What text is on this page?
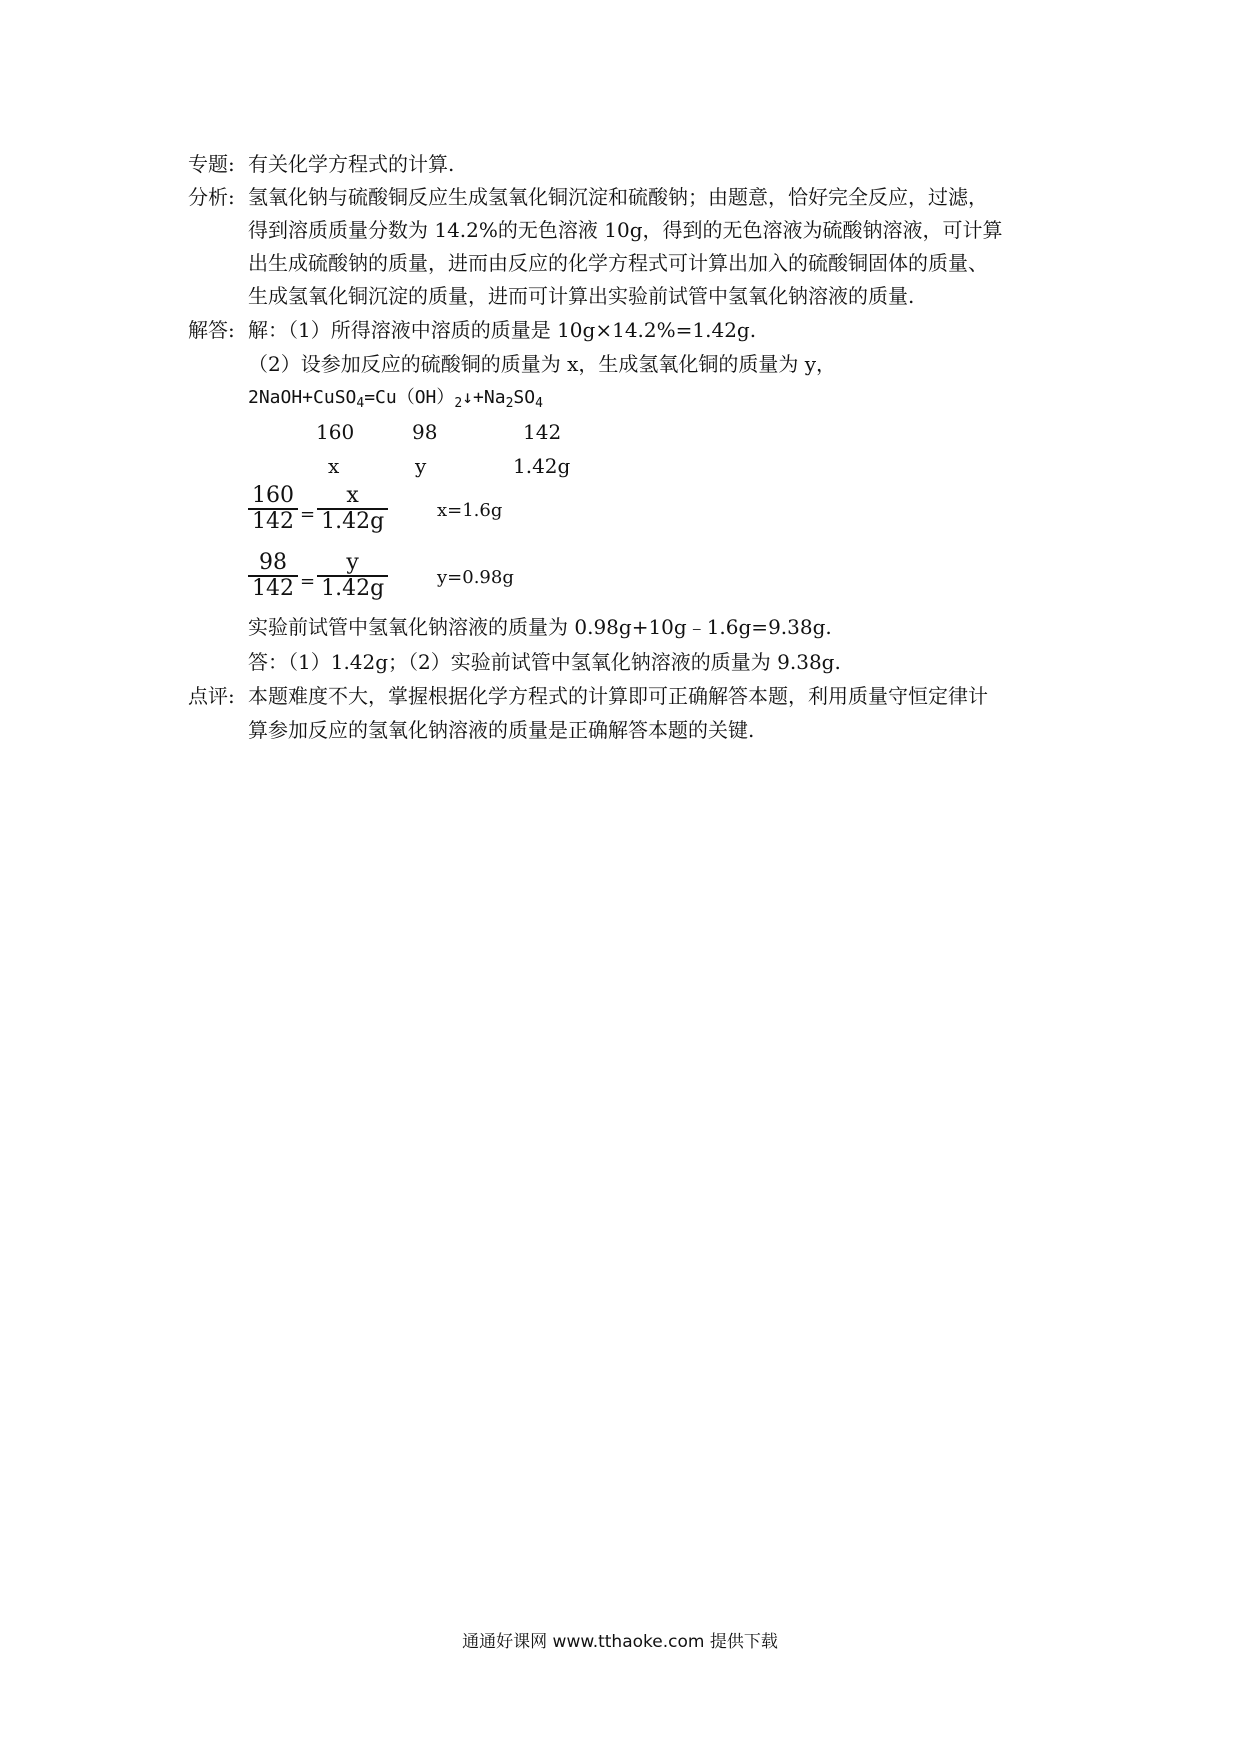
专题: 有关化学方程式的计算.
分析: 氢氧化钠与硫酸铜反应生成氢氧化铜沉淀和硫酸钠；由题意，恰好完全反应，过滤，
得到溶质质量分数为 14.2%的无色溶液 10g，得到的无色溶液为硫酸钠溶液，可计算
出生成硫酸钠的质量，进而由反应的化学方程式可计算出加入的硫酸铜固体的质量、
生成氢氧化铜沉淀的质量，进而可计算出实验前试管中氢氧化钠溶液的质量.
解答: 解：（1）所得溶液中溶质的质量是 10g×14.2%=1.42g.
（2）设参加反应的硫酸铜的质量为 x，生成氢氧化铜的质量为 y，
$2NaOH+CuSO_4=Cu(OH)_2↓+Na_2SO_4$
160	98	142
x	y	1.42g
$\frac{160}{142} = \frac{x}{1.42g}$	x=1.6g
$\frac{98}{142} = \frac{y}{1.42g}$	y=0.98g
实验前试管中氢氧化钠溶液的质量为 0.98g+10g﹣1.6g=9.38g.
答：（1）1.42g；（2）实验前试管中氢氧化钠溶液的质量为 9.38g.
点评: 本题难度不大，掌握根据化学方程式的计算即可正确解答本题，利用质量守恒定律计
算参加反应的氢氧化钠溶液的质量是正确解答本题的关键.
通通好课网 www.tthaoke.com 提供下载
